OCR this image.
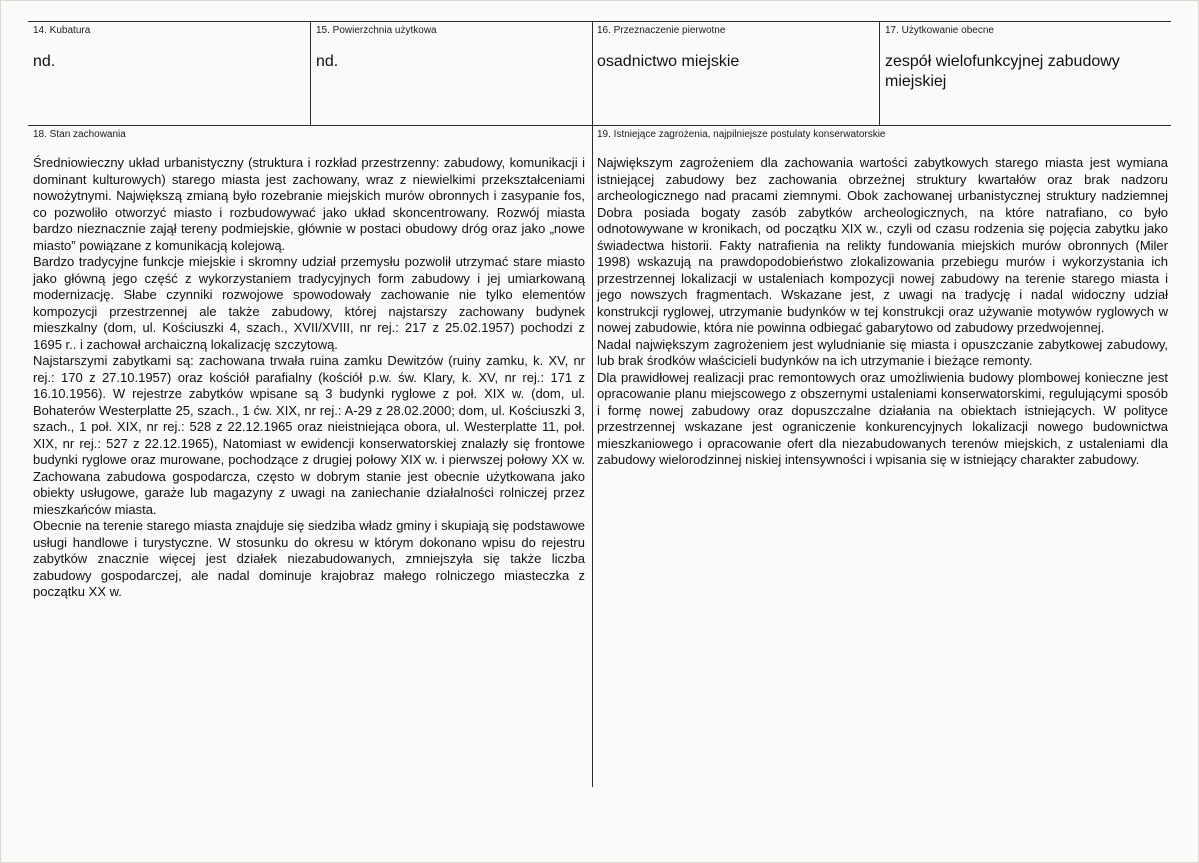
14. Kubatura
nd.
15. Powierzchnia użytkowa
nd.
16. Przeznaczenie pierwotne
osadnictwo miejskie
17. Użytkowanie obecne
zespół wielofunkcyjnej zabudowy miejskiej
18. Stan zachowania

Średniowieczny układ urbanistyczny (struktura i rozkład przestrzenny: zabudowy, komunikacji i dominant kulturowych) starego miasta jest zachowany, wraz z niewielkimi przekształceniami nowożytnymi. Największą zmianą było rozebranie miejskich murów obronnych i zasypanie fos, co pozwoliło otworzyć miasto i rozbudowywać jako układ skoncentrowany. Rozwój miasta bardzo nieznacznie zajął tereny podmiejskie, głównie w postaci obudowy dróg oraz jako „nowe miasto” powiązane z komunikacją kolejową.

Bardzo tradycyjne funkcje miejskie i skromny udział przemysłu pozwolił utrzymać stare miasto jako główną jego część z wykorzystaniem tradycyjnych form zabudowy i jej umiarkowaną modernizację. Słabe czynniki rozwojowe spowodowały zachowanie nie tylko elementów kompozycji przestrzennej ale także zabudowy, której najstarszy zachowany budynek mieszkalny (dom, ul. Kościuszki 4, szach., XVII/XVIII, nr rej.: 217 z 25.02.1957) pochodzi z 1695 r.. i zachował archaiczną lokalizację szczytową.

Najstarszymi zabytkami są: zachowana trwała ruina zamku Dewitzów (ruiny zamku, k. XV, nr rej.: 170 z 27.10.1957) oraz kościół parafialny (kościół p.w. św. Klary, k. XV, nr rej.: 171 z 16.10.1956). W rejestrze zabytków wpisane są 3 budynki ryglowe z poł. XIX w. (dom, ul. Bohaterów Westerplatte 25, szach., 1 ćw. XIX, nr rej.: A-29 z 28.02.2000; dom, ul. Kościuszki 3, szach., 1 poł. XIX, nr rej.: 528 z 22.12.1965 oraz nieistniejąca obora, ul. Westerplatte 11, poł. XIX, nr rej.: 527 z 22.12.1965), Natomiast w ewidencji konserwatorskiej znalazły się frontowe budynki ryglowe oraz murowane, pochodzące z drugiej połowy XIX w. i pierwszej połowy XX w. Zachowana zabudowa gospodarcza, często w dobrym stanie jest obecnie użytkowana jako obiekty usługowe, garaże lub magazyny z uwagi na zaniechanie działalności rolniczej przez mieszkańców miasta.

Obecnie na terenie starego miasta znajduje się siedziba władz gminy i skupiają się podstawowe usługi handlowe i turystyczne. W stosunku do okresu w którym dokonano wpisu do rejestru zabytków znacznie więcej jest działek niezabudowanych, zmniejszyła się także liczba zabudowy gospodarczej, ale nadal dominuje krajobraz małego rolniczego miasteczka z początku XX w.

19. Istniejące zagrożenia, najpilniejsze postulaty konserwatorskie

Największym zagrożeniem dla zachowania wartości zabytkowych starego miasta jest wymiana istniejącej zabudowy bez zachowania obrzeżnej struktury kwartałów oraz brak nadzoru archeologicznego nad pracami ziemnymi. Obok zachowanej urbanistycznej struktury nadziemnej Dobra posiada bogaty zasób zabytków archeologicznych, na które natrafiano, co było odnotowywane w kronikach, od początku XIX w., czyli od czasu rodzenia się pojęcia zabytku jako świadectwa historii. Fakty natrafienia na relikty fundowania miejskich murów obronnych (Miler 1998) wskazują na prawdopodobieństwo zlokalizowania przebiegu murów i wykorzystania ich przestrzennej lokalizacji w ustaleniach kompozycji nowej zabudowy na terenie starego miasta i jego nowszych fragmentach. Wskazane jest, z uwagi na tradycję i nadal widoczny udział konstrukcji ryglowej, utrzymanie budynków w tej konstrukcji oraz używanie motywów ryglowych w nowej zabudowie, która nie powinna odbiegać gabarytowo od zabudowy przedwojennej.

Nadal największym zagrożeniem jest wyludnianie się miasta i opuszczanie zabytkowej zabudowy, lub brak środków właścicieli budynków na ich utrzymanie i bieżące remonty.

Dla prawidłowej realizacji prac remontowych oraz umożliwienia budowy plombowej konieczne jest opracowanie planu miejscowego z obszernymi ustaleniami konserwatorskimi, regulującymi sposób i formę nowej zabudowy oraz dopuszczalne działania na obiektach istniejących. W polityce przestrzennej wskazane jest ograniczenie konkurencyjnych lokalizacji nowego budownictwa mieszkaniowego i opracowanie ofert dla niezabudowanych terenów miejskich, z ustaleniami dla zabudowy wielorodzinnej niskiej intensywności i wpisania się w istniejący charakter zabudowy.
